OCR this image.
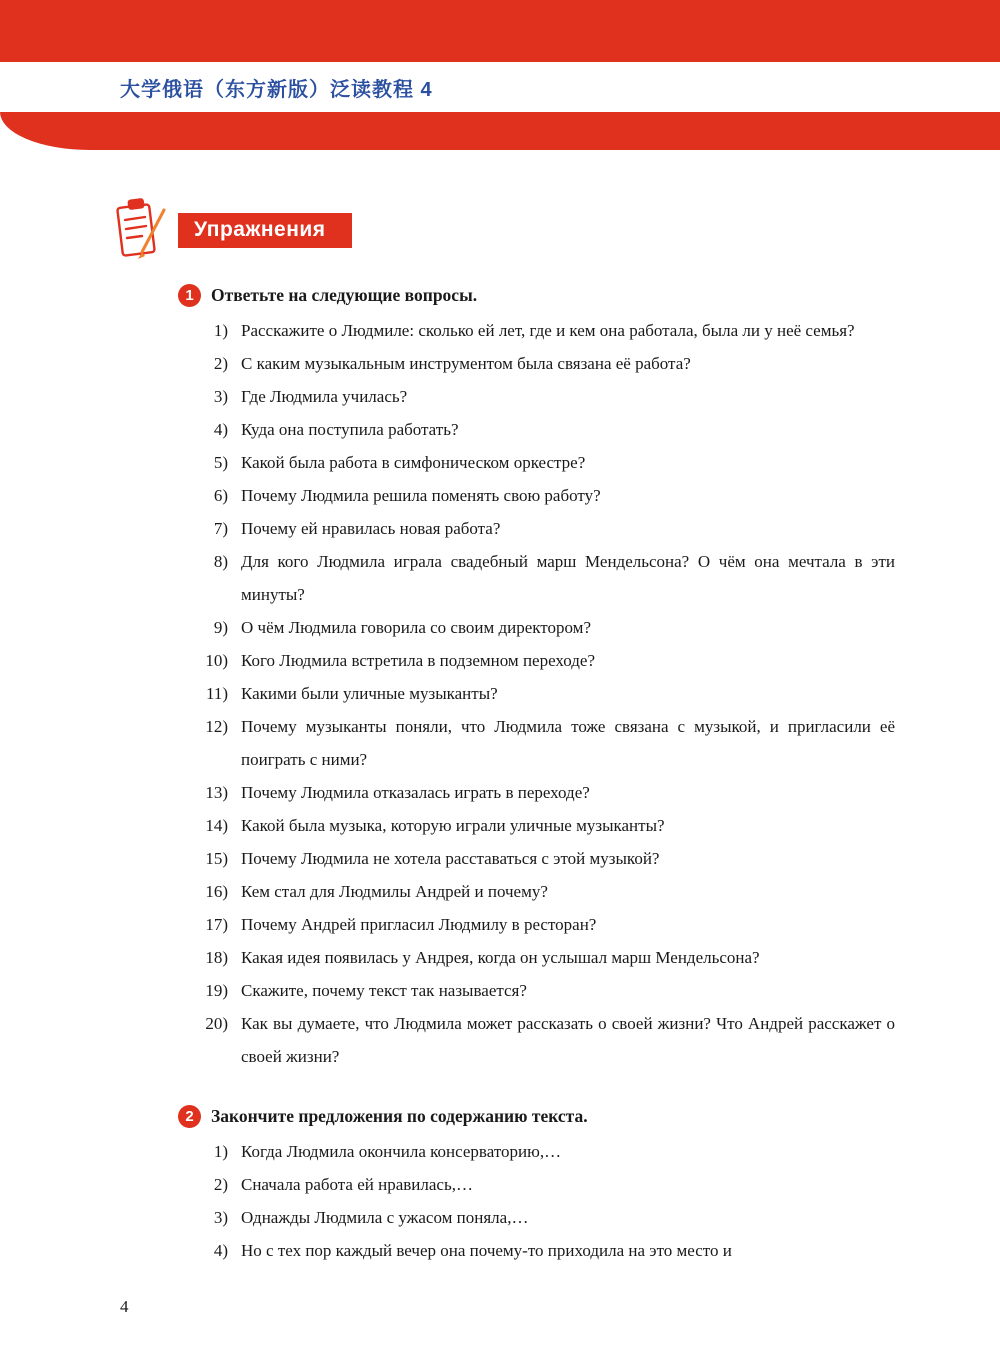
大学俄语（东方新版）泛读教程 4
Упражнения
1 Ответьте на следующие вопросы.
1) Расскажите о Людмиле: сколько ей лет, где и кем она работала, была ли у неё семья?
2) С каким музыкальным инструментом была связана её работа?
3) Где Людмила училась?
4) Куда она поступила работать?
5) Какой была работа в симфоническом оркестре?
6) Почему Людмила решила поменять свою работу?
7) Почему ей нравилась новая работа?
8) Для кого Людмила играла свадебный марш Мендельсона? О чём она мечтала в эти минуты?
9) О чём Людмила говорила со своим директором?
10) Кого Людмила встретила в подземном переходе?
11) Какими были уличные музыканты?
12) Почему музыканты поняли, что Людмила тоже связана с музыкой, и пригласили её поиграть с ними?
13) Почему Людмила отказалась играть в переходе?
14) Какой была музыка, которую играли уличные музыканты?
15) Почему Людмила не хотела расставаться с этой музыкой?
16) Кем стал для Людмилы Андрей и почему?
17) Почему Андрей пригласил Людмилу в ресторан?
18) Какая идея появилась у Андрея, когда он услышал марш Мендельсона?
19) Скажите, почему текст так называется?
20) Как вы думаете, что Людмила может рассказать о своей жизни? Что Андрей расскажет о своей жизни?
2 Закончите предложения по содержанию текста.
1) Когда Людмила окончила консерваторию,…
2) Сначала работа ей нравилась,…
3) Однажды Людмила с ужасом поняла,…
4) Но с тех пор каждый вечер она почему-то приходила на это место и
4
